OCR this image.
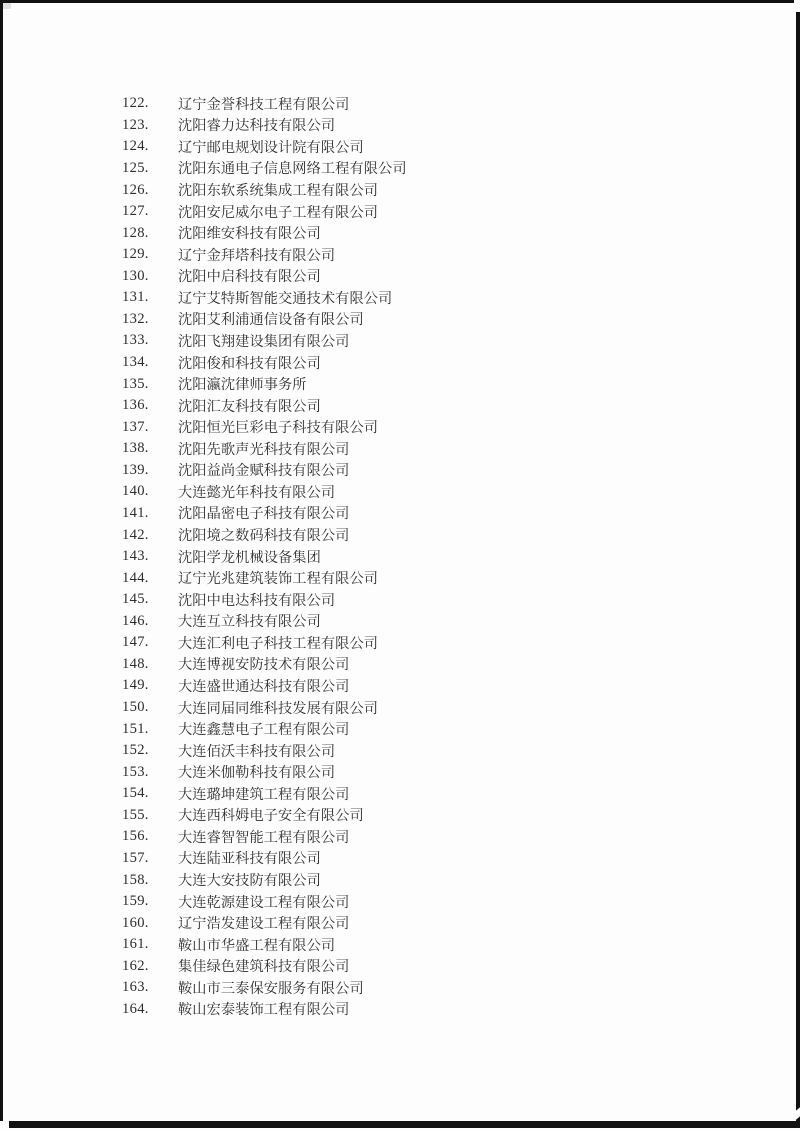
122.	辽宁金誉科技工程有限公司
123.	沈阳睿力达科技有限公司
124.	辽宁邮电规划设计院有限公司
125.	沈阳东通电子信息网络工程有限公司
126.	沈阳东软系统集成工程有限公司
127.	沈阳安尼威尔电子工程有限公司
128.	沈阳维安科技有限公司
129.	辽宁金拜塔科技有限公司
130.	沈阳中启科技有限公司
131.	辽宁艾特斯智能交通技术有限公司
132.	沈阳艾利浦通信设备有限公司
133.	沈阳飞翔建设集团有限公司
134.	沈阳俊和科技有限公司
135.	沈阳瀛沈律师事务所
136.	沈阳汇友科技有限公司
137.	沈阳恒光巨彩电子科技有限公司
138.	沈阳先歌声光科技有限公司
139.	沈阳益尚金赋科技有限公司
140.	大连懿光年科技有限公司
141.	沈阳晶密电子科技有限公司
142.	沈阳境之数码科技有限公司
143.	沈阳学龙机械设备集团
144.	辽宁光兆建筑装饰工程有限公司
145.	沈阳中电达科技有限公司
146.	大连互立科技有限公司
147.	大连汇利电子科技工程有限公司
148.	大连博视安防技术有限公司
149.	大连盛世通达科技有限公司
150.	大连同届同维科技发展有限公司
151.	大连鑫慧电子工程有限公司
152.	大连佰沃丰科技有限公司
153.	大连米伽勒科技有限公司
154.	大连璐坤建筑工程有限公司
155.	大连西科姆电子安全有限公司
156.	大连睿智智能工程有限公司
157.	大连陆亚科技有限公司
158.	大连大安技防有限公司
159.	大连乾源建设工程有限公司
160.	辽宁浩发建设工程有限公司
161.	鞍山市华盛工程有限公司
162.	集佳绿色建筑科技有限公司
163.	鞍山市三泰保安服务有限公司
164.	鞍山宏泰装饰工程有限公司
